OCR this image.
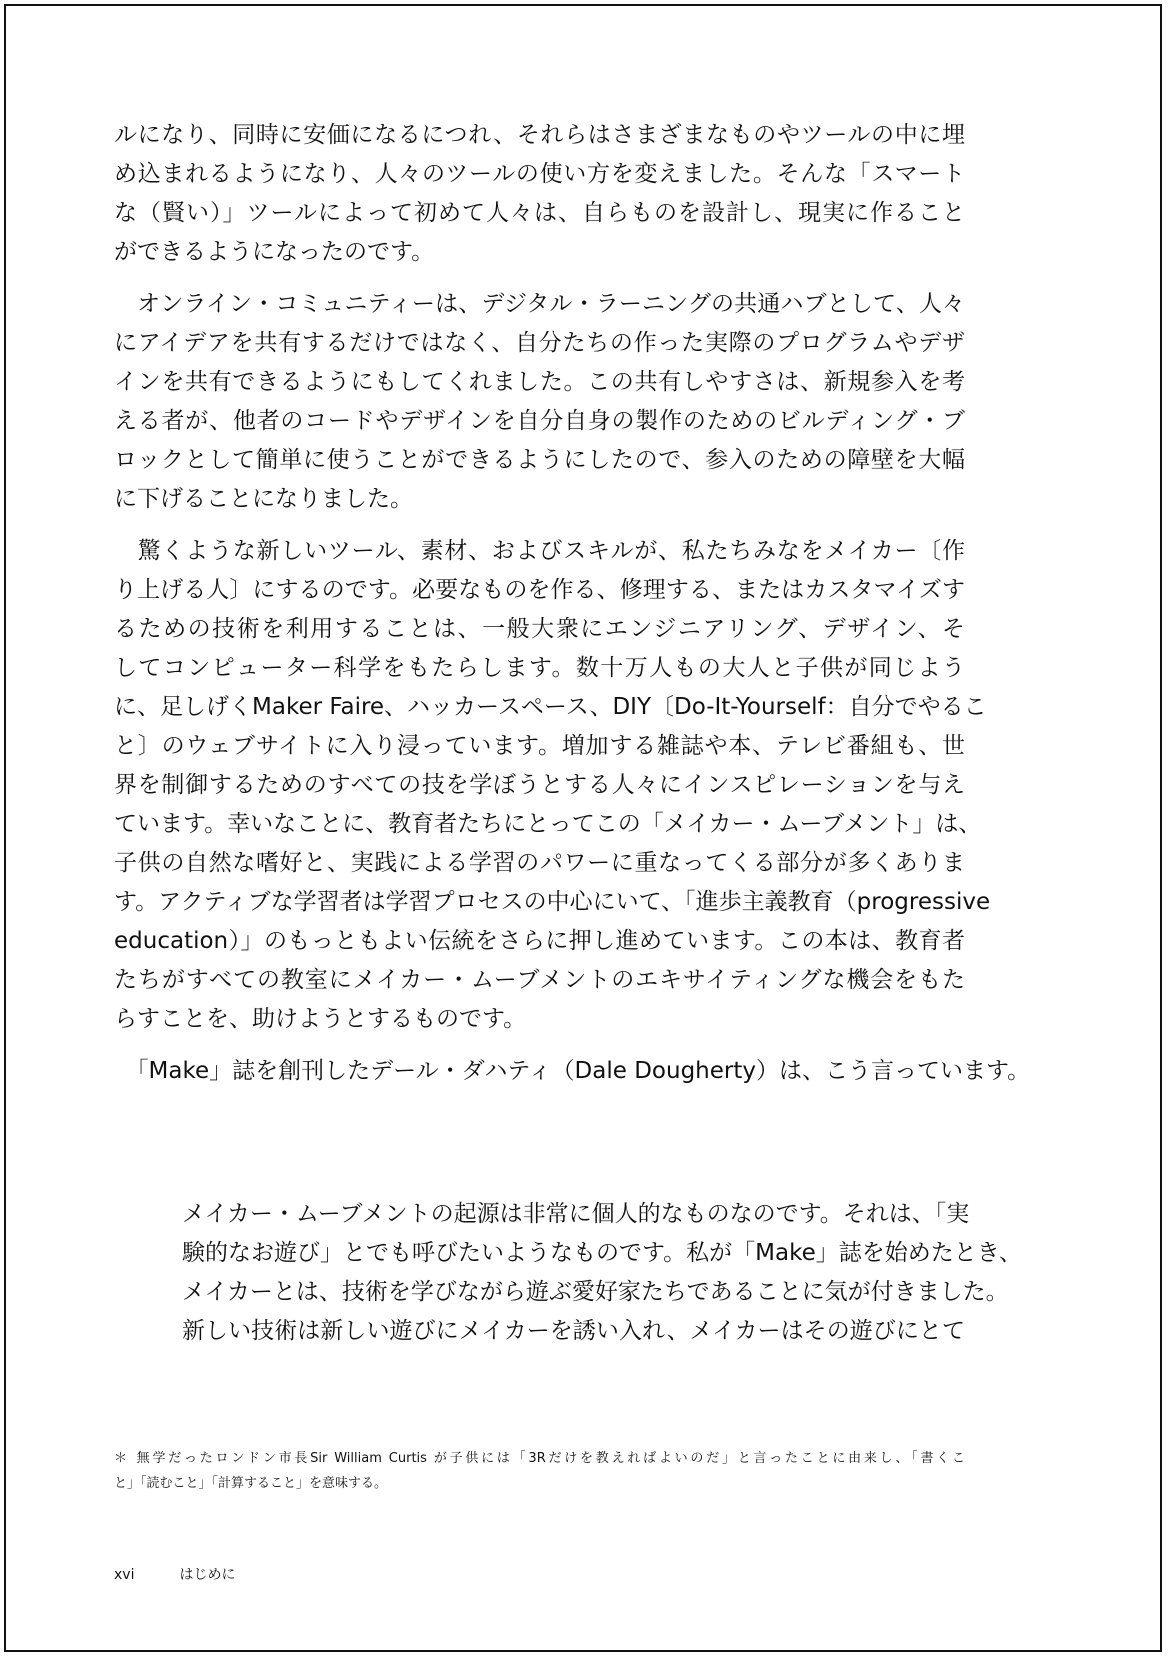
ルになり、同時に安価になるにつれ、それらはさまざまなものやツールの中に埋
め込まれるようになり、人々のツールの使い方を変えました。そんな「スマート
な（賢い）」ツールによって初めて人々は、自らものを設計し、現実に作ること
ができるようになったのです。
　オンライン・コミュニティーは、デジタル・ラーニングの共通ハブとして、人々
にアイデアを共有するだけではなく、自分たちの作った実際のプログラムやデザ
インを共有できるようにもしてくれました。この共有しやすさは、新規参入を考
える者が、他者のコードやデザインを自分自身の製作のためのビルディング・ブ
ロックとして簡単に使うことができるようにしたので、参入のための障壁を大幅
に下げることになりました。
　驚くような新しいツール、素材、およびスキルが、私たちみなをメイカー〔作
り上げる人〕にするのです。必要なものを作る、修理する、またはカスタマイズす
るための技術を利用することは、一般大衆にエンジニアリング、デザイン、そ
してコンピューター科学をもたらします。数十万人もの大人と子供が同じよう
に、足しげくMaker Faire、ハッカースペース、DIY〔Do-It-Yourself：自分でやるこ
と〕のウェブサイトに入り浸っています。増加する雑誌や本、テレビ番組も、世
界を制御するためのすべての技を学ぼうとする人々にインスピレーションを与え
ています。幸いなことに、教育者たちにとってこの「メイカー・ムーブメント」は、
子供の自然な嗜好と、実践による学習のパワーに重なってくる部分が多くありま
す。アクティブな学習者は学習プロセスの中心にいて、「進歩主義教育（progressive
education）」のもっともよい伝統をさらに押し進めています。この本は、教育者
たちがすべての教室にメイカー・ムーブメントのエキサイティングな機会をもた
らすことを、助けようとするものです。
　「Make」誌を創刊したデール・ダハティ（Dale Dougherty）は、こう言っています。
メイカー・ムーブメントの起源は非常に個人的なものなのです。それは、「実
験的なお遊び」とでも呼びたいようなものです。私が「Make」誌を始めたとき、
メイカーとは、技術を学びながら遊ぶ愛好家たちであることに気が付きました。
新しい技術は新しい遊びにメイカーを誘い入れ、メイカーはその遊びにとて
＊ 無学だったロンドン市長Sir William Curtis が子供には「3Rだけを教えればよいのだ」と言ったことに由来し、「書くこ
と」「読むこと」「計算すること」を意味する。
xvi	はじめに
